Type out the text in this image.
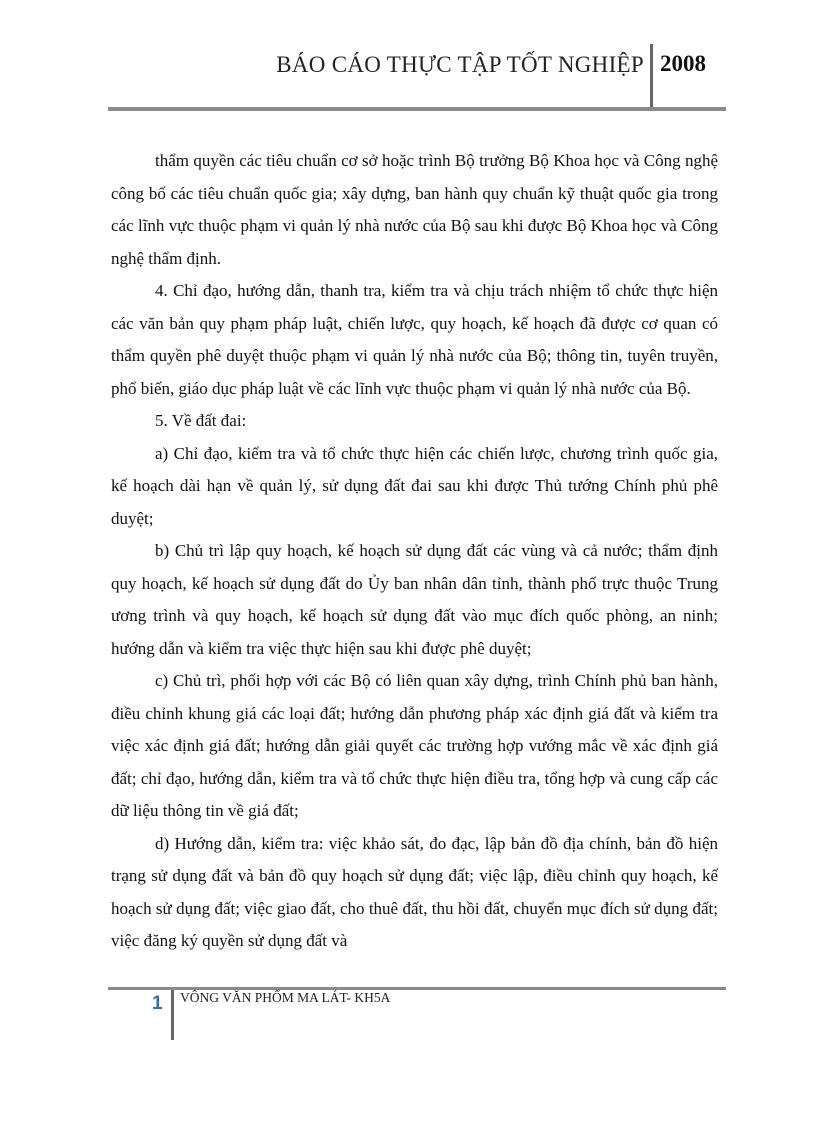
BÁO CÁO THỰC TẬP TỐT NGHIỆP 2008

thẩm quyền các tiêu chuẩn cơ sở hoặc trình Bộ trưởng Bộ Khoa học và Công nghệ công bố các tiêu chuẩn quốc gia; xây dựng, ban hành quy chuẩn kỹ thuật quốc gia trong các lĩnh vực thuộc phạm vi quản lý nhà nước của Bộ sau khi được Bộ Khoa học và Công nghệ thẩm định.

4. Chỉ đạo, hướng dẫn, thanh tra, kiểm tra và chịu trách nhiệm tổ chức thực hiện các văn bản quy phạm pháp luật, chiến lược, quy hoạch, kế hoạch đã được cơ quan có thẩm quyền phê duyệt thuộc phạm vi quản lý nhà nước của Bộ; thông tin, tuyên truyền, phổ biến, giáo dục pháp luật về các lĩnh vực thuộc phạm vi quản lý nhà nước của Bộ.

5. Về đất đai:

a) Chỉ đạo, kiểm tra và tổ chức thực hiện các chiến lược, chương trình quốc gia, kế hoạch dài hạn về quản lý, sử dụng đất đai sau khi được Thủ tướng Chính phủ phê duyệt;

b) Chủ trì lập quy hoạch, kế hoạch sử dụng đất các vùng và cả nước; thẩm định quy hoạch, kế hoạch sử dụng đất do Ủy ban nhân dân tỉnh, thành phố trực thuộc Trung ương trình và quy hoạch, kế hoạch sử dụng đất vào mục đích quốc phòng, an ninh; hướng dẫn và kiểm tra việc thực hiện sau khi được phê duyệt;

c) Chủ trì, phối hợp với các Bộ có liên quan xây dựng, trình Chính phủ ban hành, điều chỉnh khung giá các loại đất; hướng dẫn phương pháp xác định giá đất và kiểm tra việc xác định giá đất; hướng dẫn giải quyết các trường hợp vướng mắc về xác định giá đất; chỉ đạo, hướng dẫn, kiểm tra và tổ chức thực hiện điều tra, tổng hợp và cung cấp các dữ liệu thông tin về giá đất;

d) Hướng dẫn, kiểm tra: việc khảo sát, đo đạc, lập bản đồ địa chính, bản đồ hiện trạng sử dụng đất và bản đồ quy hoạch sử dụng đất; việc lập, điều chỉnh quy hoạch, kế hoạch sử dụng đất; việc giao đất, cho thuê đất, thu hồi đất, chuyển mục đích sử dụng đất; việc đăng ký quyền sử dụng đất và

1 VÔNG VĂN PHỔM MA LÁT- KH5A
